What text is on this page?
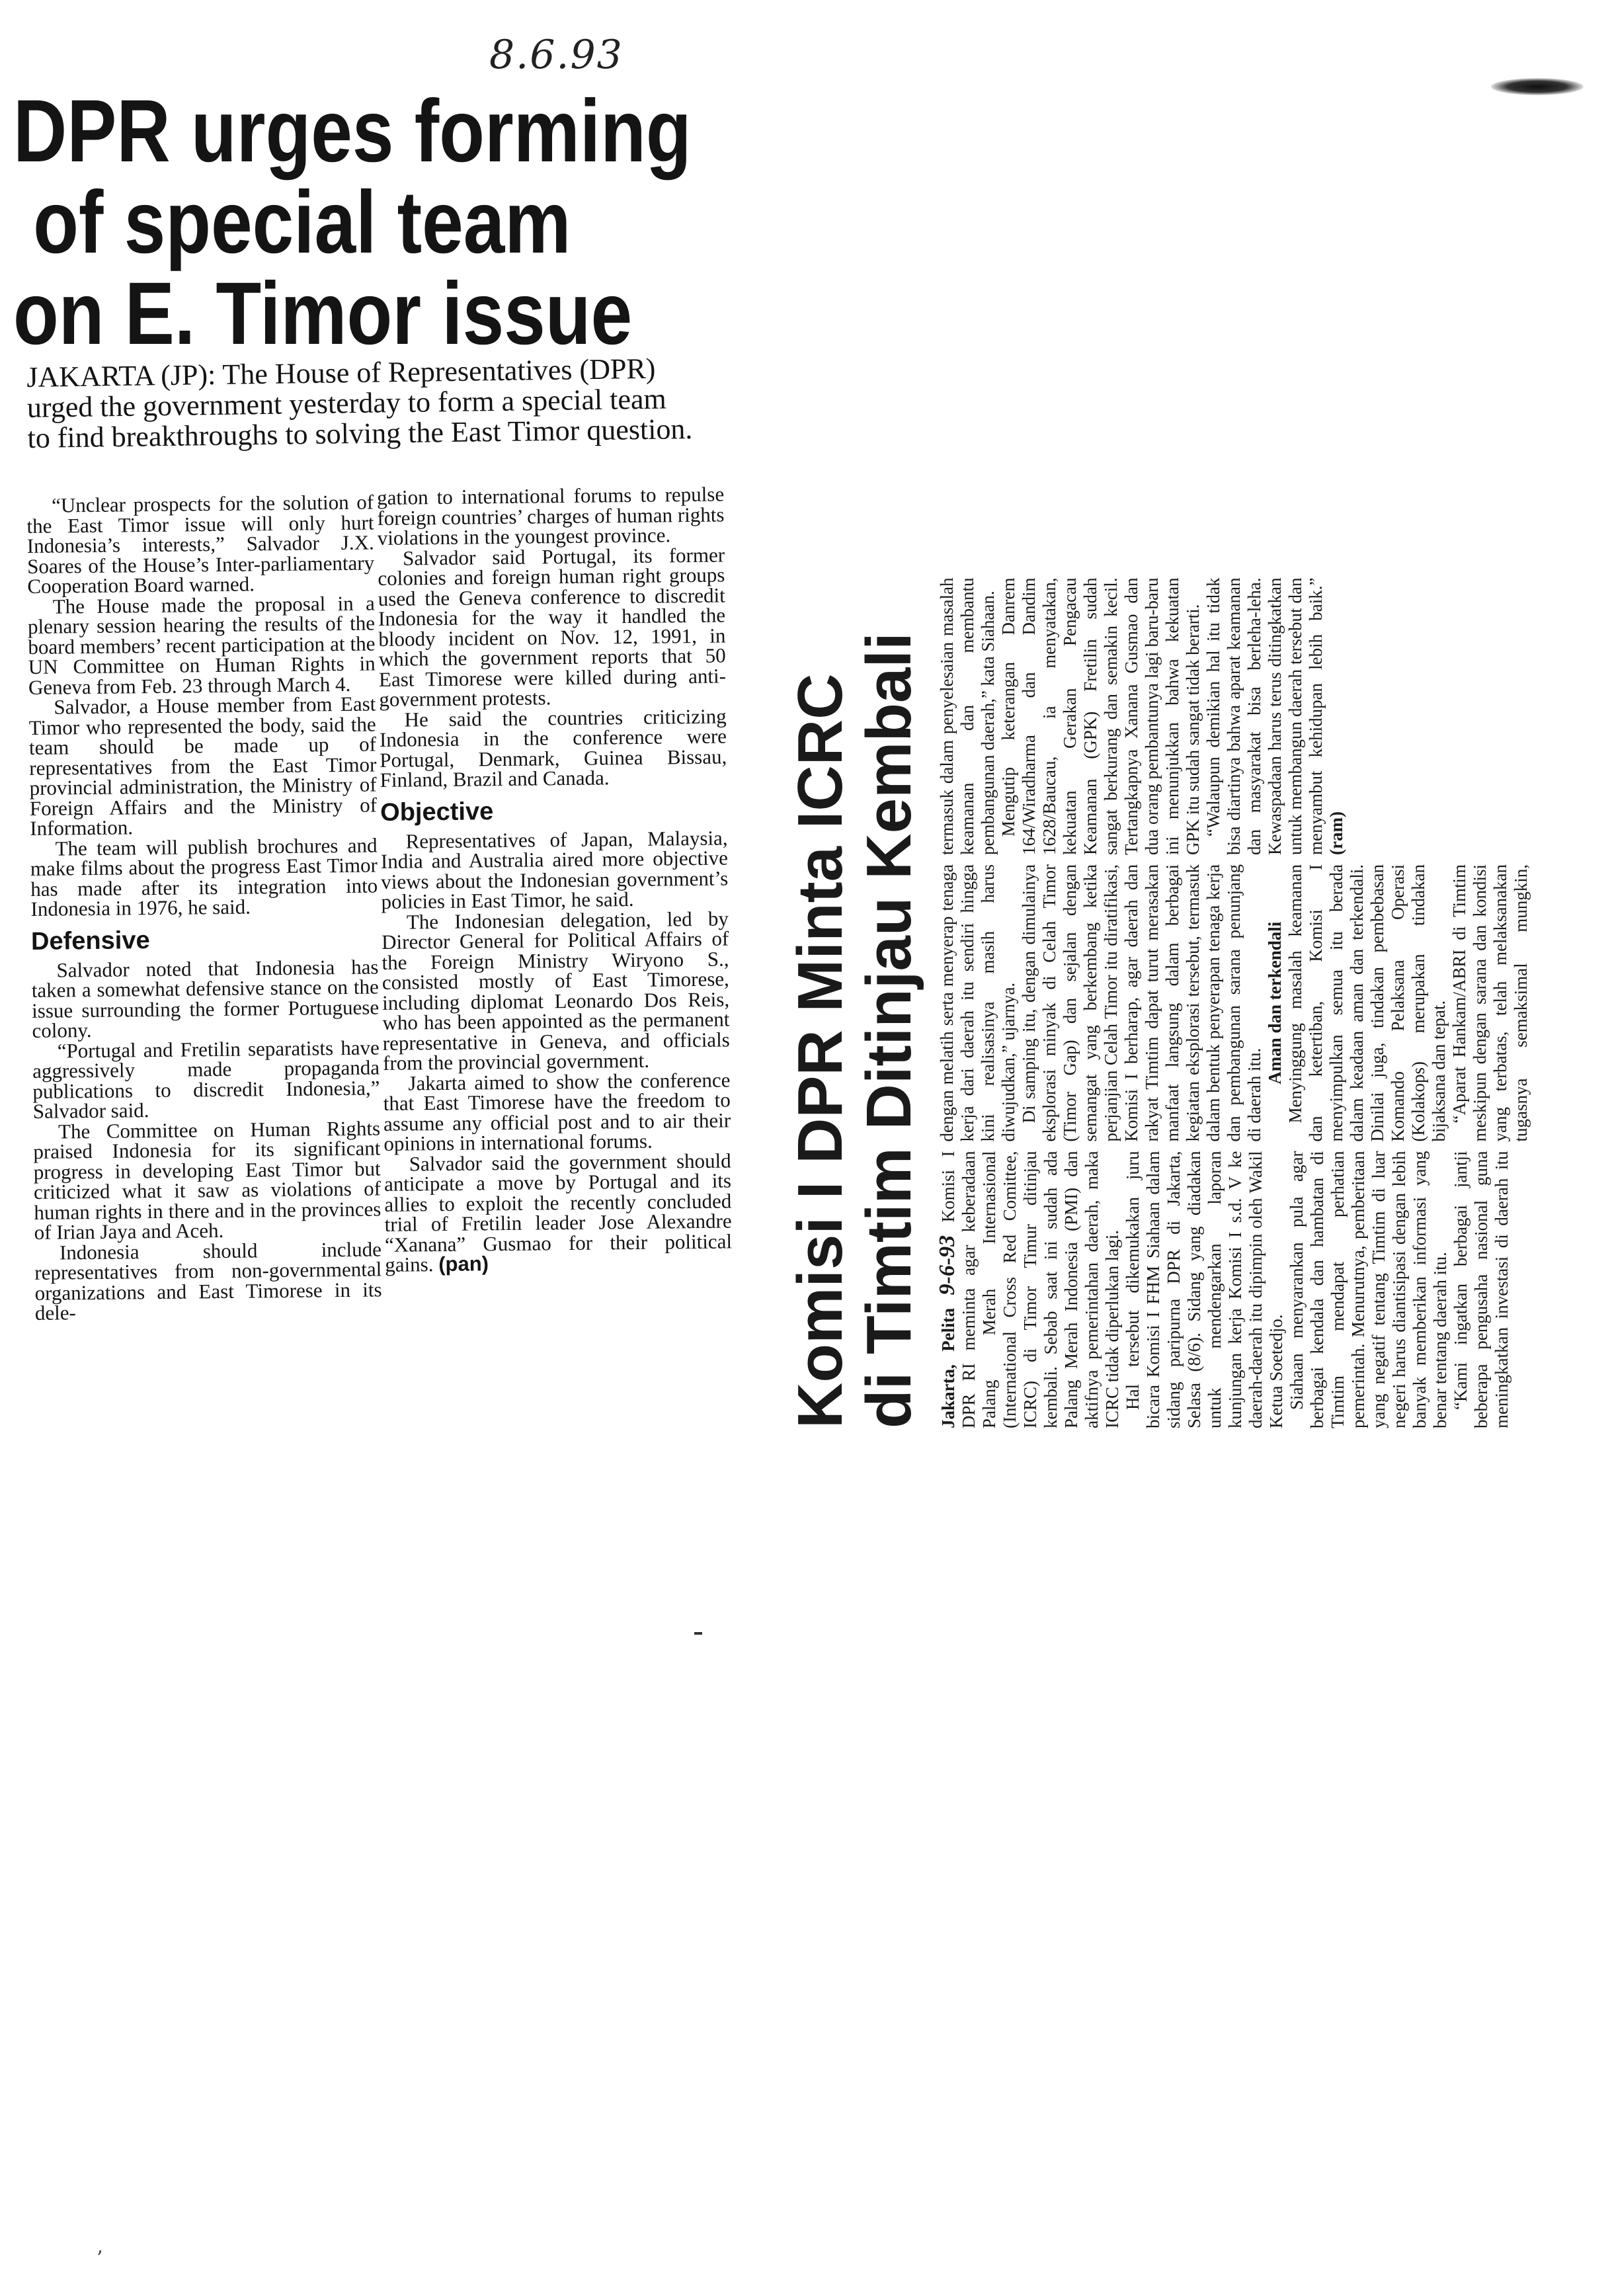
8.6.93
DPR urges forming
of special team
on E. Timor issue
JAKARTA (JP): The House of Representatives (DPR) urged the government yesterday to form a special team to find breakthroughs to solving the East Timor question.

“Unclear prospects for the solution of the East Timor issue will only hurt Indonesia’s interests,” Salvador J.X. Soares of the House’s Inter-parliamentary Cooperation Board warned.

The House made the proposal in a plenary session hearing the results of the board members’ recent participation at the UN Committee on Human Rights in Geneva from Feb. 23 through March 4.

Salvador, a House member from East Timor who represented the body, said the team should be made up of representatives from the East Timor provincial administration, the Ministry of Foreign Affairs and the Ministry of Information.

The team will publish brochures and make films about the progress East Timor has made after its integration into Indonesia in 1976, he said.

Defensive

Salvador noted that Indonesia has taken a somewhat defensive stance on the issue surrounding the former Portuguese colony.

“Portugal and Fretilin separatists have aggressively made propaganda publications to discredit Indonesia,” Salvador said.

The Committee on Human Rights praised Indonesia for its significant progress in developing East Timor but criticized what it saw as violations of human rights in there and in the provinces of Irian Jaya and Aceh.

Indonesia should include representatives from non-governmental organizations and East Timorese in its dele-

gation to international forums to repulse foreign countries’ charges of human rights violations in the youngest province.

Salvador said Portugal, its former colonies and foreign human right groups used the Geneva conference to discredit Indonesia for the way it handled the bloody incident on Nov. 12, 1991, in which the government reports that 50 East Timorese were killed during anti-government protests.

He said the countries criticizing Indonesia in the conference were Portugal, Denmark, Guinea Bissau, Finland, Brazil and Canada.

Objective

Representatives of Japan, Malaysia, India and Australia aired more objective views about the Indonesian government’s policies in East Timor, he said.

The Indonesian delegation, led by Director General for Political Affairs of the Foreign Ministry Wiryono S., consisted mostly of East Timorese, including diplomat Leonardo Dos Reis, who has been appointed as the permanent representative in Geneva, and officials from the provincial government.

Jakarta aimed to show the conference that East Timorese have the freedom to assume any official post and to air their opinions in international forums.

Salvador said the government should anticipate a move by Portugal and its allies to exploit the recently concluded trial of Fretilin leader Jose Alexandre “Xanana” Gusmao for their political gains. (pan)	Komisi I DPR Minta ICRC
di Timtim Ditinjau Kembali Jakarta, Pelita 9-6-93 Komisi I DPR RI meminta agar keberadaan Palang Merah Internasional (International Cross Red Comittee, ICRC) di Timor Timur ditinjau kembali. Sebab saat ini sudah ada Palang Merah Indonesia (PMI) dan aktifnya pemerintahan daerah, maka ICRC tidak diperlukan lagi. Hal tersebut dikemukakan juru bicara Komisi I FHM Siahaan dalam sidang paripurna DPR di Jakarta, Selasa (8/6). Sidang yang diadakan untuk mendengarkan laporan kunjungan kerja Komisi I s.d. V ke daerah-daerah itu dipimpin oleh Wakil Ketua Soetedjo. Siahaan menyarankan pula agar berbagai kendala dan hambatan di Timtim mendapat perhatian pemerintah. Menurutnya, pemberitaan yang negatif tentang Timtim di luar negeri harus diantisipasi dengan lebih banyak memberikan informasi yang benar tentang daerah itu. “Kami ingatkan berbagai jantji beberapa pengusaha nasional guna meningkatkan investasi di daerah itu dengan melatih serta menyerap tenaga kerja dari daerah itu sendiri hingga kini realisasinya masih harus diwujudkan,” ujarnya. Di samping itu, dengan dimulainya eksplorasi minyak di Celah Timor (Timor Gap) dan sejalan dengan semangat yang berkembang ketika perjanjian Celah Timor itu diratifikasi, Komisi I berharap, agar daerah dan rakyat Timtim dapat turut merasakan manfaat langsung dalam berbagai kegiatan eksplorasi tersebut, termasuk dalam bentuk penyerapan tenaga kerja dan pembangunan sarana penunjang di daerah itu.

Aman dan terkendali Menyinggung masalah keamanan dan ketertiban, Komisi I menyimpulkan semua itu berada dalam keadaan aman dan terkendali. Dinilai juga, tindakan pembebasan Komando Pelaksana Operasi (Kolakops) merupakan tindakan bijaksana dan tepat. “Aparat Hankam/ABRI di Timtim meskipun dengan sarana dan kondisi yang terbatas, telah melaksanakan tugasnya semaksimal mungkin, termasuk dalam penyelesaian masalah keamanan dan membantu pembangunan daerah,” kata Siahaan. Mengutip keterangan Danrem 164/Wiradharma dan Dandim 1628/Baucau, ia menyatakan, kekuatan Gerakan Pengacau Keamanan (GPK) Fretilin sudah sangat berkurang dan semakin kecil. Tertangkapnya Xanana Gusmao dan dua orang pembantunya lagi baru-baru ini menunjukkan bahwa kekuatan GPK itu sudah sangat tidak berarti. “Walaupun demikian hal itu tidak bisa diartinya bahwa aparat keamanan dan masyarakat bisa berleha-leha. Kewaspadaan harus terus ditingkatkan untuk membangun daerah tersebut dan menyambut kehidupan lebih baik.” (ram)

’
